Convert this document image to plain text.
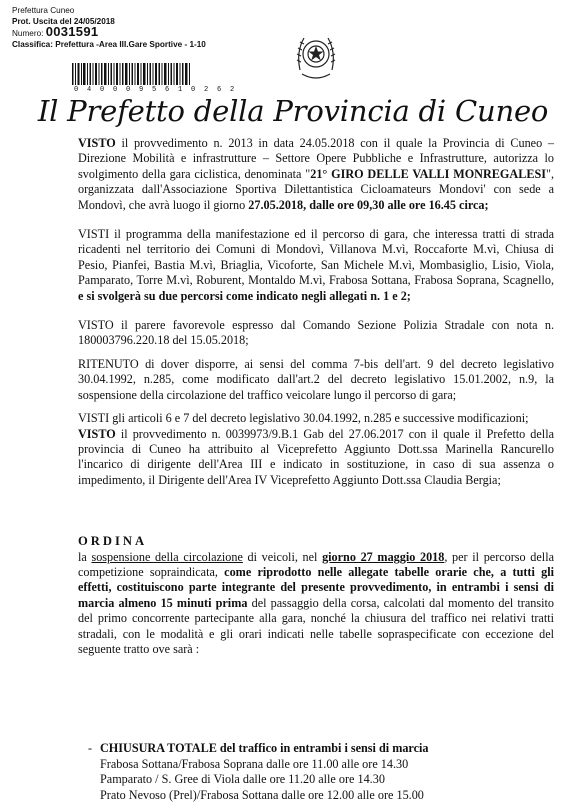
Prefettura Cuneo
Prot. Uscita del 24/05/2018
Numero: 0031591
Classifica: Prefettura -Area III.Gare Sportive - 1-10
0 4 0 0 0 9 5 6 1 0 2 6 2
Il Prefetto della Provincia di Cuneo

VISTO il provvedimento n. 2013 in data 24.05.2018 con il quale la Provincia di Cuneo – Direzione Mobilità e infrastrutture – Settore Opere Pubbliche e Infrastrutture, autorizza lo svolgimento della gara ciclistica, denominata "21° GIRO DELLE VALLI MONREGALESI", organizzata dall'Associazione Sportiva Dilettantistica Cicloamateurs Mondovi' con sede a Mondovì, che avrà luogo il giorno 27.05.2018, dalle ore 09,30 alle ore 16.45 circa;

VISTI il programma della manifestazione ed il percorso di gara, che interessa tratti di strada ricadenti nel territorio dei Comuni di Mondovì, Villanova M.vì, Roccaforte M.vì, Chiusa di Pesio, Pianfei, Bastia M.vì, Briaglia, Vicoforte, San Michele M.vì, Mombasiglio, Lisio, Viola, Pamparato, Torre M.vì, Roburent, Montaldo M.vì, Frabosa Sottana, Frabosa Soprana, Scagnello, e si svolgerà su due percorsi come indicato negli allegati n. 1 e 2;

VISTO il parere favorevole espresso dal Comando Sezione Polizia Stradale con nota n. 180003796.220.18 del 15.05.2018;

RITENUTO di dover disporre, ai sensi del comma 7-bis dell'art. 9 del decreto legislativo 30.04.1992, n.285, come modificato dall'art.2 del decreto legislativo 15.01.2002, n.9, la sospensione della circolazione del traffico veicolare lungo il percorso di gara;

VISTI gli articoli 6 e 7 del decreto legislativo 30.04.1992, n.285 e successive modificazioni;

VISTO il provvedimento n. 0039973/9.B.1 Gab del 27.06.2017 con il quale il Prefetto della provincia di Cuneo ha attribuito al Viceprefetto Aggiunto Dott.ssa Marinella Rancurello l'incarico di dirigente dell'Area III e indicato in sostituzione, in caso di sua assenza o impedimento, il Dirigente dell'Area IV Viceprefetto Aggiunto Dott.ssa Claudia Bergia;

ORDINA

la sospensione della circolazione di veicoli, nel giorno 27 maggio 2018, per il percorso della competizione sopraindicata, come riprodotto nelle allegate tabelle orarie che, a tutti gli effetti, costituiscono parte integrante del presente provvedimento, in entrambi i sensi di marcia almeno 15 minuti prima del passaggio della corsa, calcolati dal momento del transito del primo concorrente partecipante alla gara, nonché la chiusura del traffico nei relativi tratti stradali, con le modalità e gli orari indicati nelle tabelle sopraspecificate con eccezione del seguente tratto ove sarà :

- CHIUSURA TOTALE del traffico in entrambi i sensi di marcia
Frabosa Sottana/Frabosa Soprana dalle ore 11.00 alle ore 14.30
Pamparato / S. Gree di Viola dalle ore 11.20 alle ore 14.30
Prato Nevoso (Prel)/Frabosa Sottana dalle ore 12.00 alle ore 15.00
